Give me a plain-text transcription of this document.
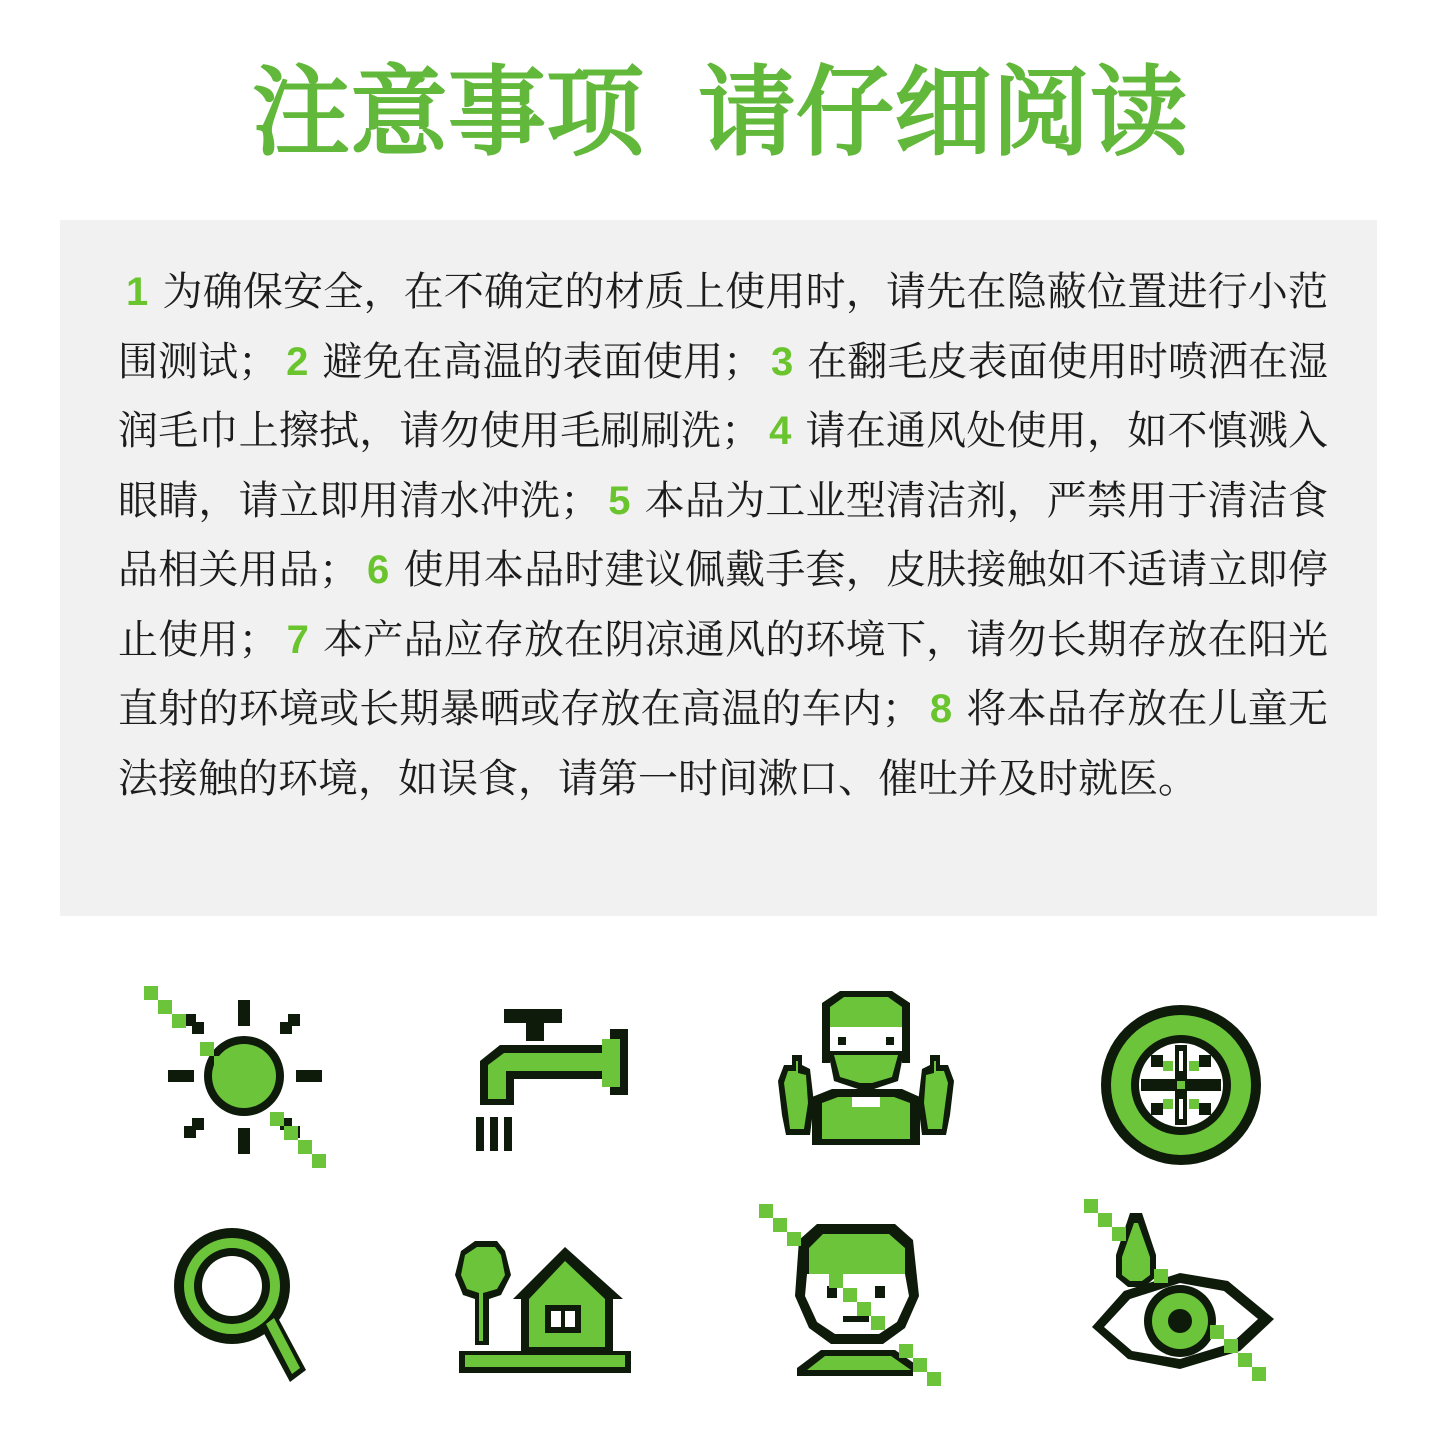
注意事项 请仔细阅读
1 为确保安全，在不确定的材质上使用时，请先在隐蔽位置进行小范围测试； 2 避免在高温的表面使用； 3 在翻毛皮表面使用时喷洒在湿润毛巾上擦拭，请勿使用毛刷刷洗； 4 请在通风处使用，如不慎溅入眼睛，请立即用清水冲洗； 5 本品为工业型清洁剂，严禁用于清洁食品相关用品； 6 使用本品时建议佩戴手套，皮肤接触如不适请立即停止使用； 7 本产品应存放在阴凉通风的环境下，请勿长期存放在阳光直射的环境或长期暴晒或存放在高温的车内； 8 将本品存放在儿童无法接触的环境，如误食，请第一时间漱口、催吐并及时就医。
